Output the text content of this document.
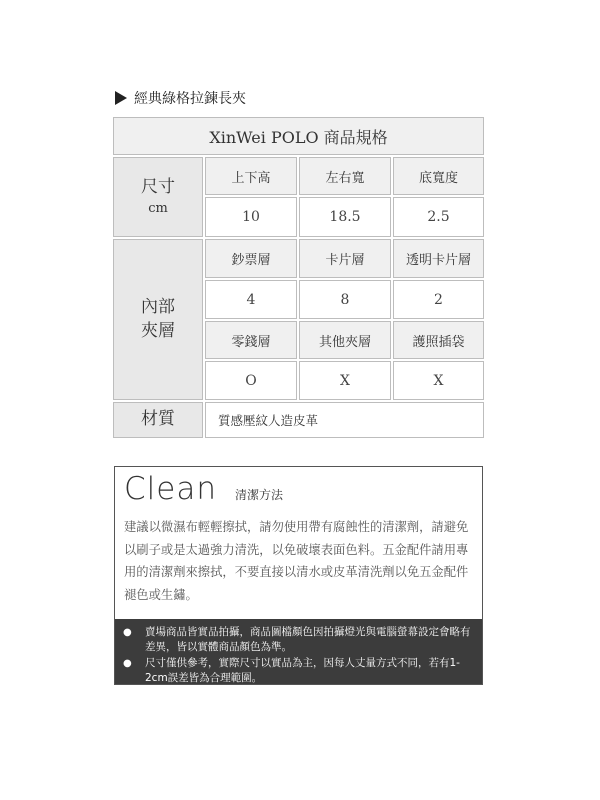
經典綠格拉鍊長夾
XinWei POLO 商品規格
尺寸
cm
上下高	左右寬	底寬度
10	18.5	2.5
內部
夾層
鈔票層	卡片層	透明卡片層
4	8	2
零錢層	其他夾層	護照插袋
O	X	X
材質	質感壓紋人造皮革
Clean 清潔方法
建議以微濕布輕輕擦拭，請勿使用帶有腐蝕性的清潔劑，請避免以刷子或是太過強力清洗，以免破壞表面色料。五金配件請用專用的清潔劑來擦拭，不要直接以清水或皮革清洗劑以免五金配件褪色或生鏽。
●	賣場商品皆實品拍攝，商品圖檔顏色因拍攝燈光與電腦螢幕設定會略有差異，皆以實體商品顏色為準。
●	尺寸僅供參考，實際尺寸以實品為主，因每人丈量方式不同，若有1-2cm誤差皆為合理範圍。
